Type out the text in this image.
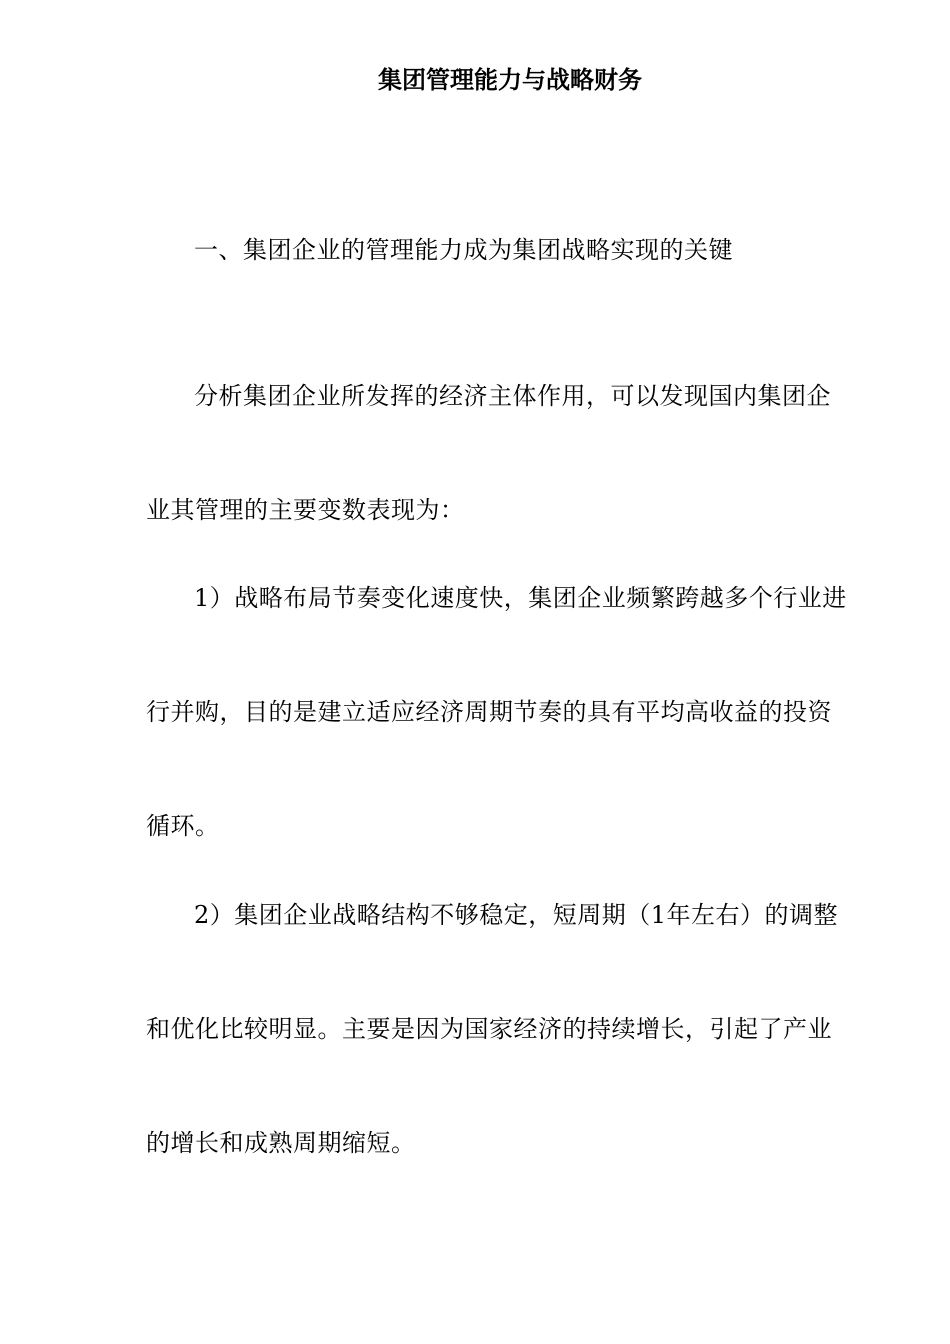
集团管理能力与战略财务

一、集团企业的管理能力成为集团战略实现的关键

分析集团企业所发挥的经济主体作用，可以发现国内集团企

业其管理的主要变数表现为：

1）战略布局节奏变化速度快，集团企业频繁跨越多个行业进

行并购，目的是建立适应经济周期节奏的具有平均高收益的投资

循环。

2）集团企业战略结构不够稳定，短周期（1年左右）的调整

和优化比较明显。主要是因为国家经济的持续增长，引起了产业

的增长和成熟周期缩短。
